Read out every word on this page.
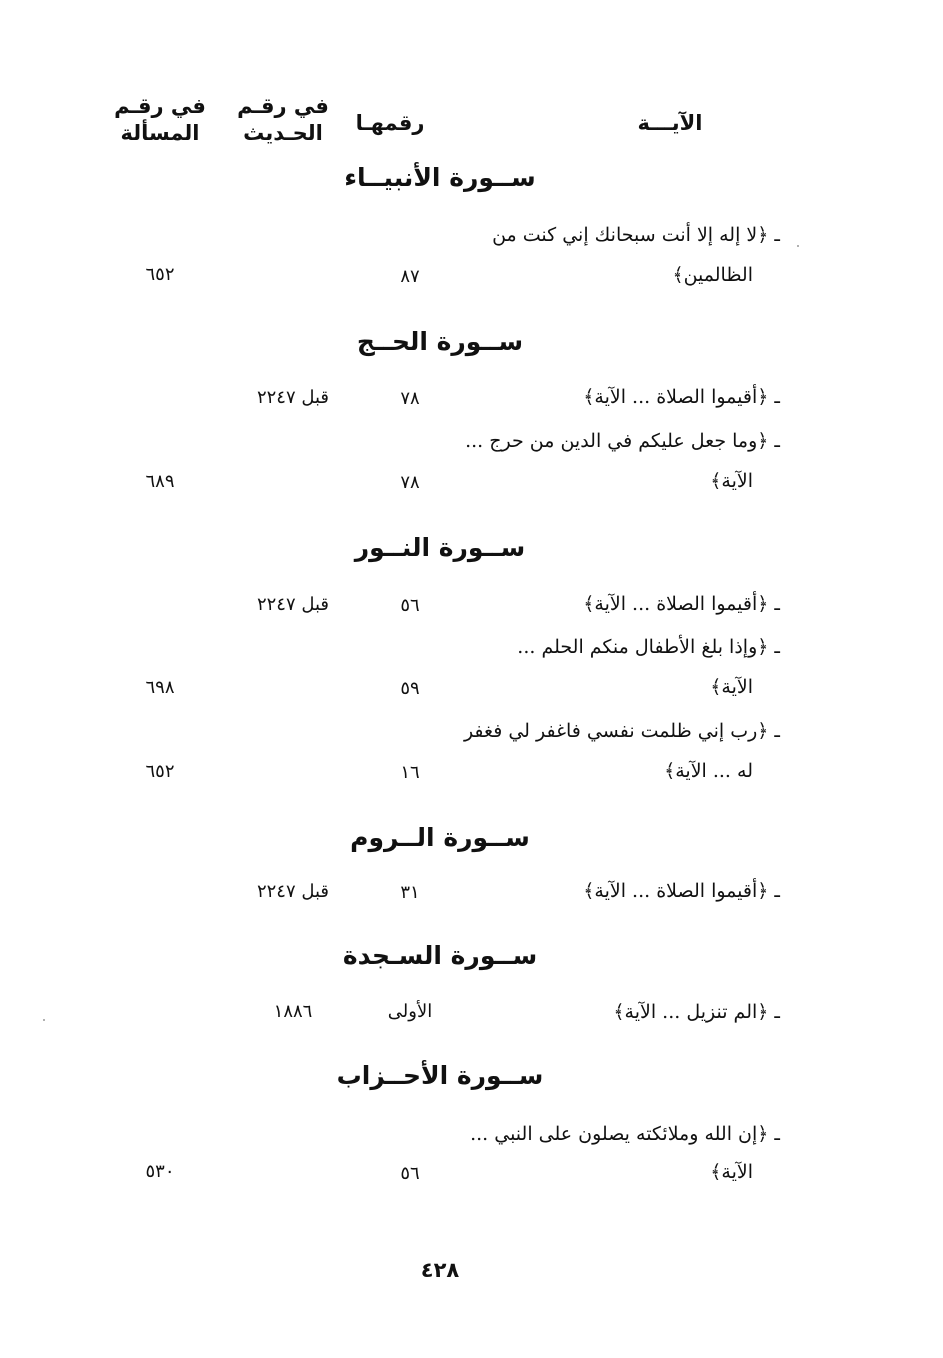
في رقـم
المسألة
في رقـم
الحـديث	رقمهـا	الآيـــة
ســورة الأنبيــاء
ـ ﴿لا إله إلا أنت سبحانك إني كنت من
الظالمين﴾
٨٧
٦٥٢
ســورة الحــج
ـ ﴿أقيموا الصلاة ... الآية﴾
٧٨
قبل ٢٢٤٧
ـ ﴿وما جعل عليكم في الدين من حرج ...
الآية﴾
٧٨
٦٨٩
ســورة النــور
ـ ﴿أقيموا الصلاة ... الآية﴾
٥٦
قبل ٢٢٤٧
ـ ﴿وإذا بلغ الأطفال منكم الحلم ...
الآية﴾
٥٩
٦٩٨
ـ ﴿رب إني ظلمت نفسي فاغفر لي فغفر
له ... الآية﴾
١٦
٦٥٢
ســورة الــروم
ـ ﴿أقيموا الصلاة ... الآية﴾
٣١
قبل ٢٢٤٧
ســورة السـجدة
ـ ﴿الم تنزيل ... الآية﴾
الأولى
١٨٨٦
ســورة الأحــزاب
ـ ﴿إن الله وملائكته يصلون على النبي ...
الآية﴾
٥٦
٥٣٠
٤٢٨
